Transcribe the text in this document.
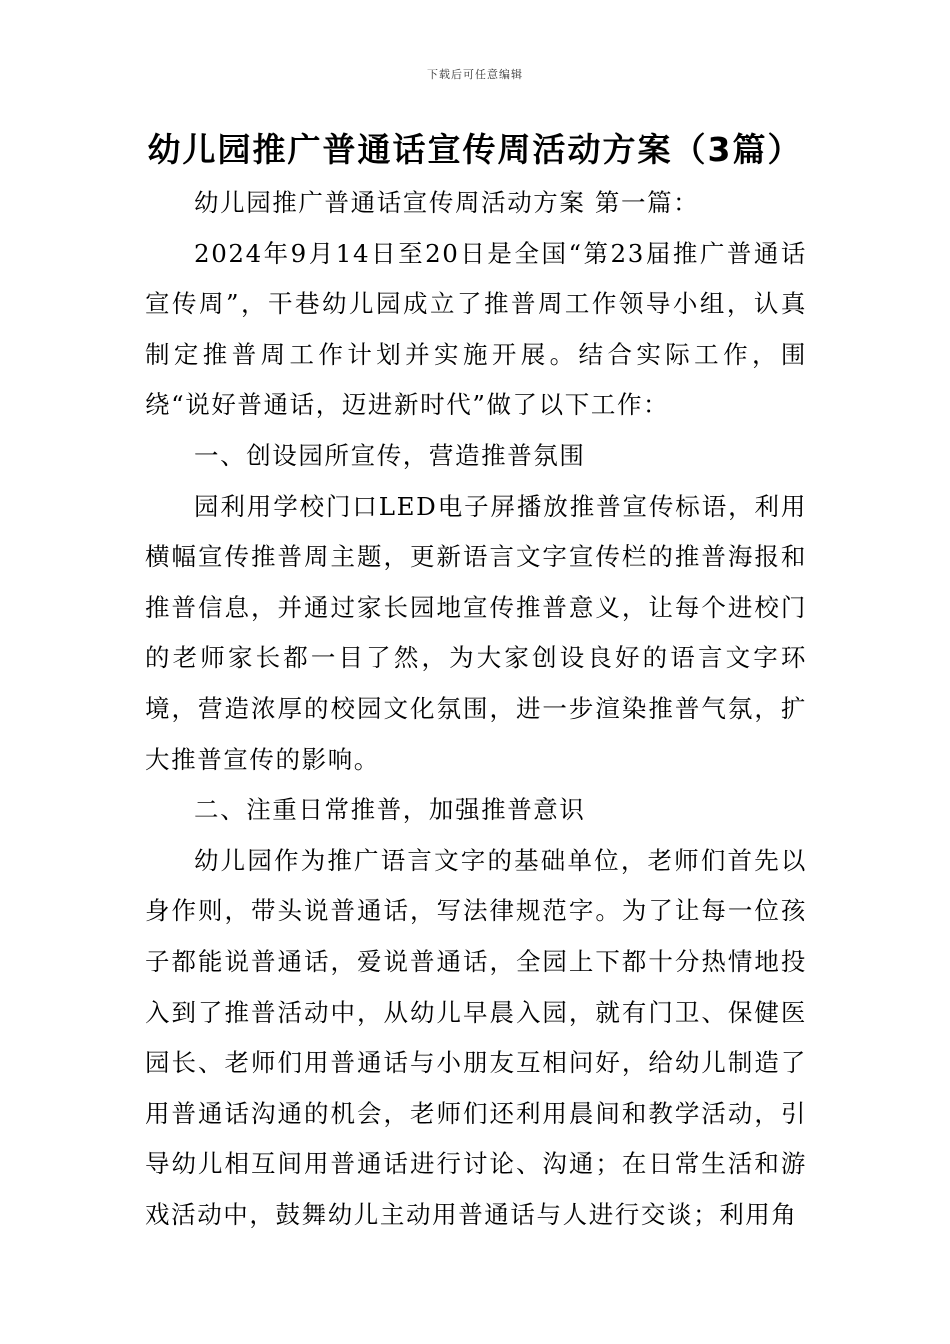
下载后可任意编辑
幼儿园推广普通话宣传周活动方案（3篇）

幼儿园推广普通话宣传周活动方案 第一篇：

2024年9月14日至20日是全国“第23届推广普通话宣传周”，干巷幼儿园成立了推普周工作领导小组，认真制定推普周工作计划并实施开展。结合实际工作，围绕“说好普通话，迈进新时代”做了以下工作：

一、创设园所宣传，营造推普氛围

园利用学校门口LED电子屏播放推普宣传标语，利用横幅宣传推普周主题，更新语言文字宣传栏的推普海报和推普信息，并通过家长园地宣传推普意义，让每个进校门的老师家长都一目了然，为大家创设良好的语言文字环境，营造浓厚的校园文化氛围，进一步渲染推普气氛，扩大推普宣传的影响。

二、注重日常推普，加强推普意识

幼儿园作为推广语言文字的基础单位，老师们首先以身作则，带头说普通话，写法律规范字。为了让每一位孩子都能说普通话，爱说普通话，全园上下都十分热情地投入到了推普活动中，从幼儿早晨入园，就有门卫、保健医园长、老师们用普通话与小朋友互相问好，给幼儿制造了用普通话沟通的机会，老师们还利用晨间和教学活动，引导幼儿相互间用普通话进行讨论、沟通；在日常生活和游戏活动中，鼓舞幼儿主动用普通话与人进行交谈；利用角
